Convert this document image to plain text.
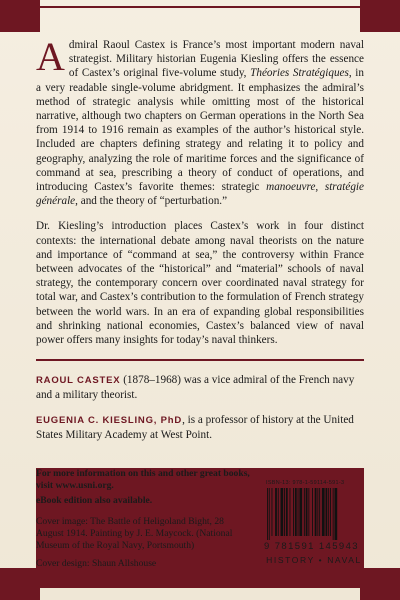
Admiral Raoul Castex is France’s most important modern naval strategist. Military historian Eugenia Kiesling offers the essence of Castex’s original five-volume study, Théories Stratégiques, in a very readable single-volume abridgment. It emphasizes the admiral’s method of strategic analysis while omitting most of the historical narrative, although two chapters on German operations in the North Sea from 1914 to 1916 remain as examples of the author’s historical style. Included are chapters defining strategy and relating it to policy and geography, analyzing the role of maritime forces and the significance of command at sea, prescribing a theory of conduct of operations, and introducing Castex’s favorite themes: strategic manoeuvre, stratégie générale, and the theory of “perturbation.”

Dr. Kiesling’s introduction places Castex’s work in four distinct contexts: the international debate among naval theorists on the nature and importance of “command at sea,” the controversy within France between advocates of the “historical” and “material” schools of naval strategy, the contemporary concern over coordinated naval strategy for total war, and Castex’s contribution to the formulation of French strategy between the world wars. In an era of expanding global responsibilities and shrinking national economies, Castex’s balanced view of naval power offers many insights for today’s naval thinkers.

RAOUL CASTEX (1878–1968) was a vice admiral of the French navy and a military theorist.

EUGENIA C. KIESLING, PhD, is a professor of history at the United States Military Academy at West Point.

For more information on this and other great books, visit www.usni.org.

eBook edition also available.

Cover image: The Battle of Heligoland Bight, 28 August 1914. Painting by J. E. Maycock. (National Museum of the Royal Navy, Portsmouth)

Cover design: Shaun Allshouse

ISBN-13: 978-1-59114-591-3
9 781591 145943
HISTORY • NAVAL
